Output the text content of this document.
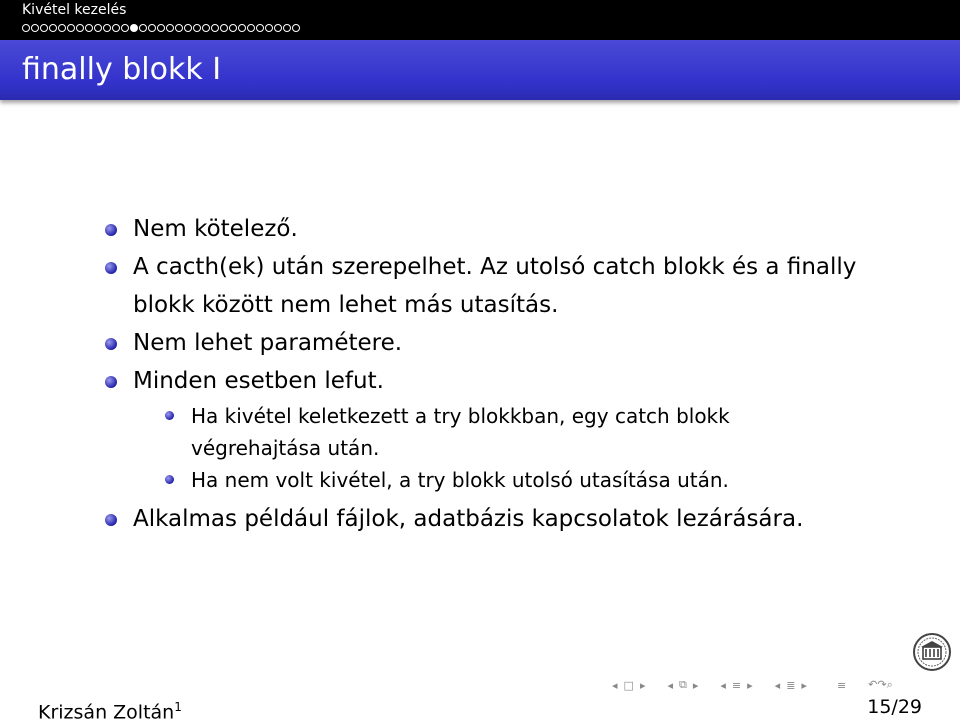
Kivétel kezelés
finally blokk I
Nem kötelező.
A cacth(ek) után szerepelhet. Az utolsó catch blokk és a finally blokk között nem lehet más utasítás.
Nem lehet paramétere.
Minden esetben lefut.
Ha kivétel keletkezett a try blokkban, egy catch blokk végrehajtása után.
Ha nem volt kivétel, a try blokk utolsó utasítása után.
Alkalmas például fájlok, adatbázis kapcsolatok lezárására.
◂ □ ▸ ◂ ⧉ ▸ ◂ ≡ ▸ ◂ ≣ ▸	≡ ↶↷⌕
Krizsán Zoltán$^1$	15/29
